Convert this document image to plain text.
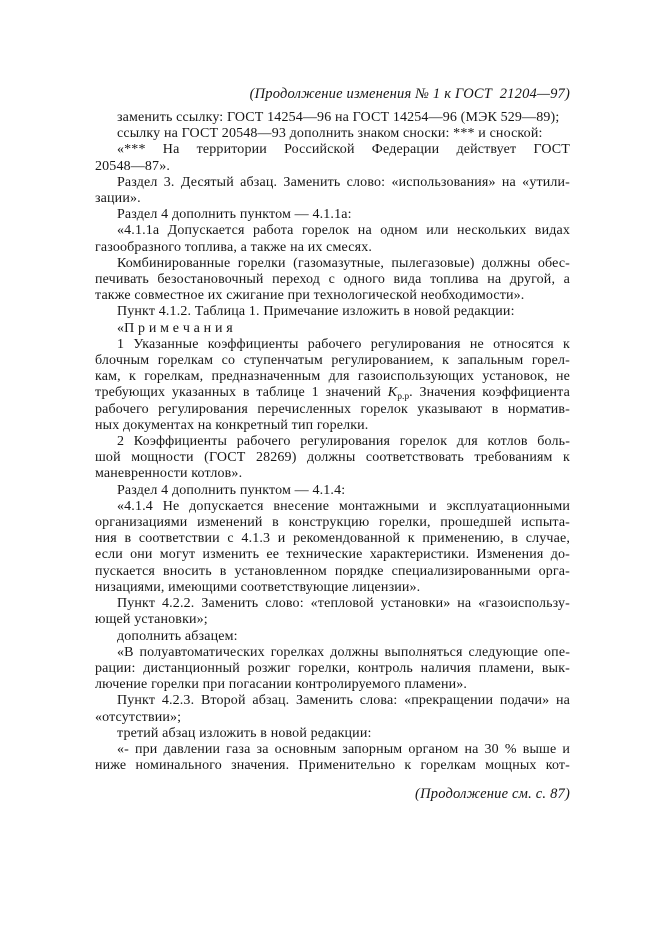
(Продолжение изменения № 1 к ГОСТ  21204—97)
заменить ссылку: ГОСТ 14254—96 на ГОСТ 14254—96 (МЭК 529—89);
ссылку на ГОСТ 20548—93 дополнить знаком сноски: *** и сноской:
«*** На территории Российской Федерации действует ГОСТ
20548—87».
Раздел 3. Десятый абзац. Заменить слово: «использования» на «утили-
зации».
Раздел 4 дополнить пунктом — 4.1.1а:
«4.1.1а Допускается работа горелок на одном или нескольких видах
газообразного топлива, а также на их смесях.
Комбинированные горелки (газомазутные, пылегазовые) должны обес-
печивать безостановочный переход с одного вида топлива на другой, а
также совместное их сжигание при технологической необходимости».
Пункт 4.1.2. Таблица 1. Примечание изложить в новой редакции:
«П р и м е ч а н и я
1 Указанные коэффициенты рабочего регулирования не относятся к
блочным горелкам со ступенчатым регулированием, к запальным горел-
кам, к горелкам, предназначенным для газоиспользующих установок, не
требующих указанных в таблице 1 значений $К_{р.р}$. Значения коэффициента
рабочего регулирования перечисленных горелок указывают в норматив-
ных документах на конкретный тип горелки.
2 Коэффициенты рабочего регулирования горелок для котлов боль-
шой мощности (ГОСТ 28269) должны соответствовать требованиям к
маневренности котлов».
Раздел 4 дополнить пунктом — 4.1.4:
«4.1.4 Не допускается внесение монтажными и эксплуатационными
организациями изменений в конструкцию горелки, прошедшей испыта-
ния в соответствии с 4.1.3 и рекомендованной к применению, в случае,
если они могут изменить ее технические характеристики. Изменения до-
пускается вносить в установленном порядке специализированными орга-
низациями, имеющими соответствующие лицензии».
Пункт 4.2.2. Заменить слово: «тепловой установки» на «газоиспользу-
ющей установки»;
дополнить абзацем:
«В полуавтоматических горелках должны выполняться следующие опе-
рации: дистанционный розжиг горелки, контроль наличия пламени, вык-
лючение горелки при погасании контролируемого пламени».
Пункт 4.2.3. Второй абзац. Заменить слова: «прекращении подачи» на
«отсутствии»;
третий абзац изложить в новой редакции:
«- при давлении газа за основным запорным органом на 30 % выше и
ниже номинального значения. Применительно к горелкам мощных кот-
(Продолжение см. с. 87)
